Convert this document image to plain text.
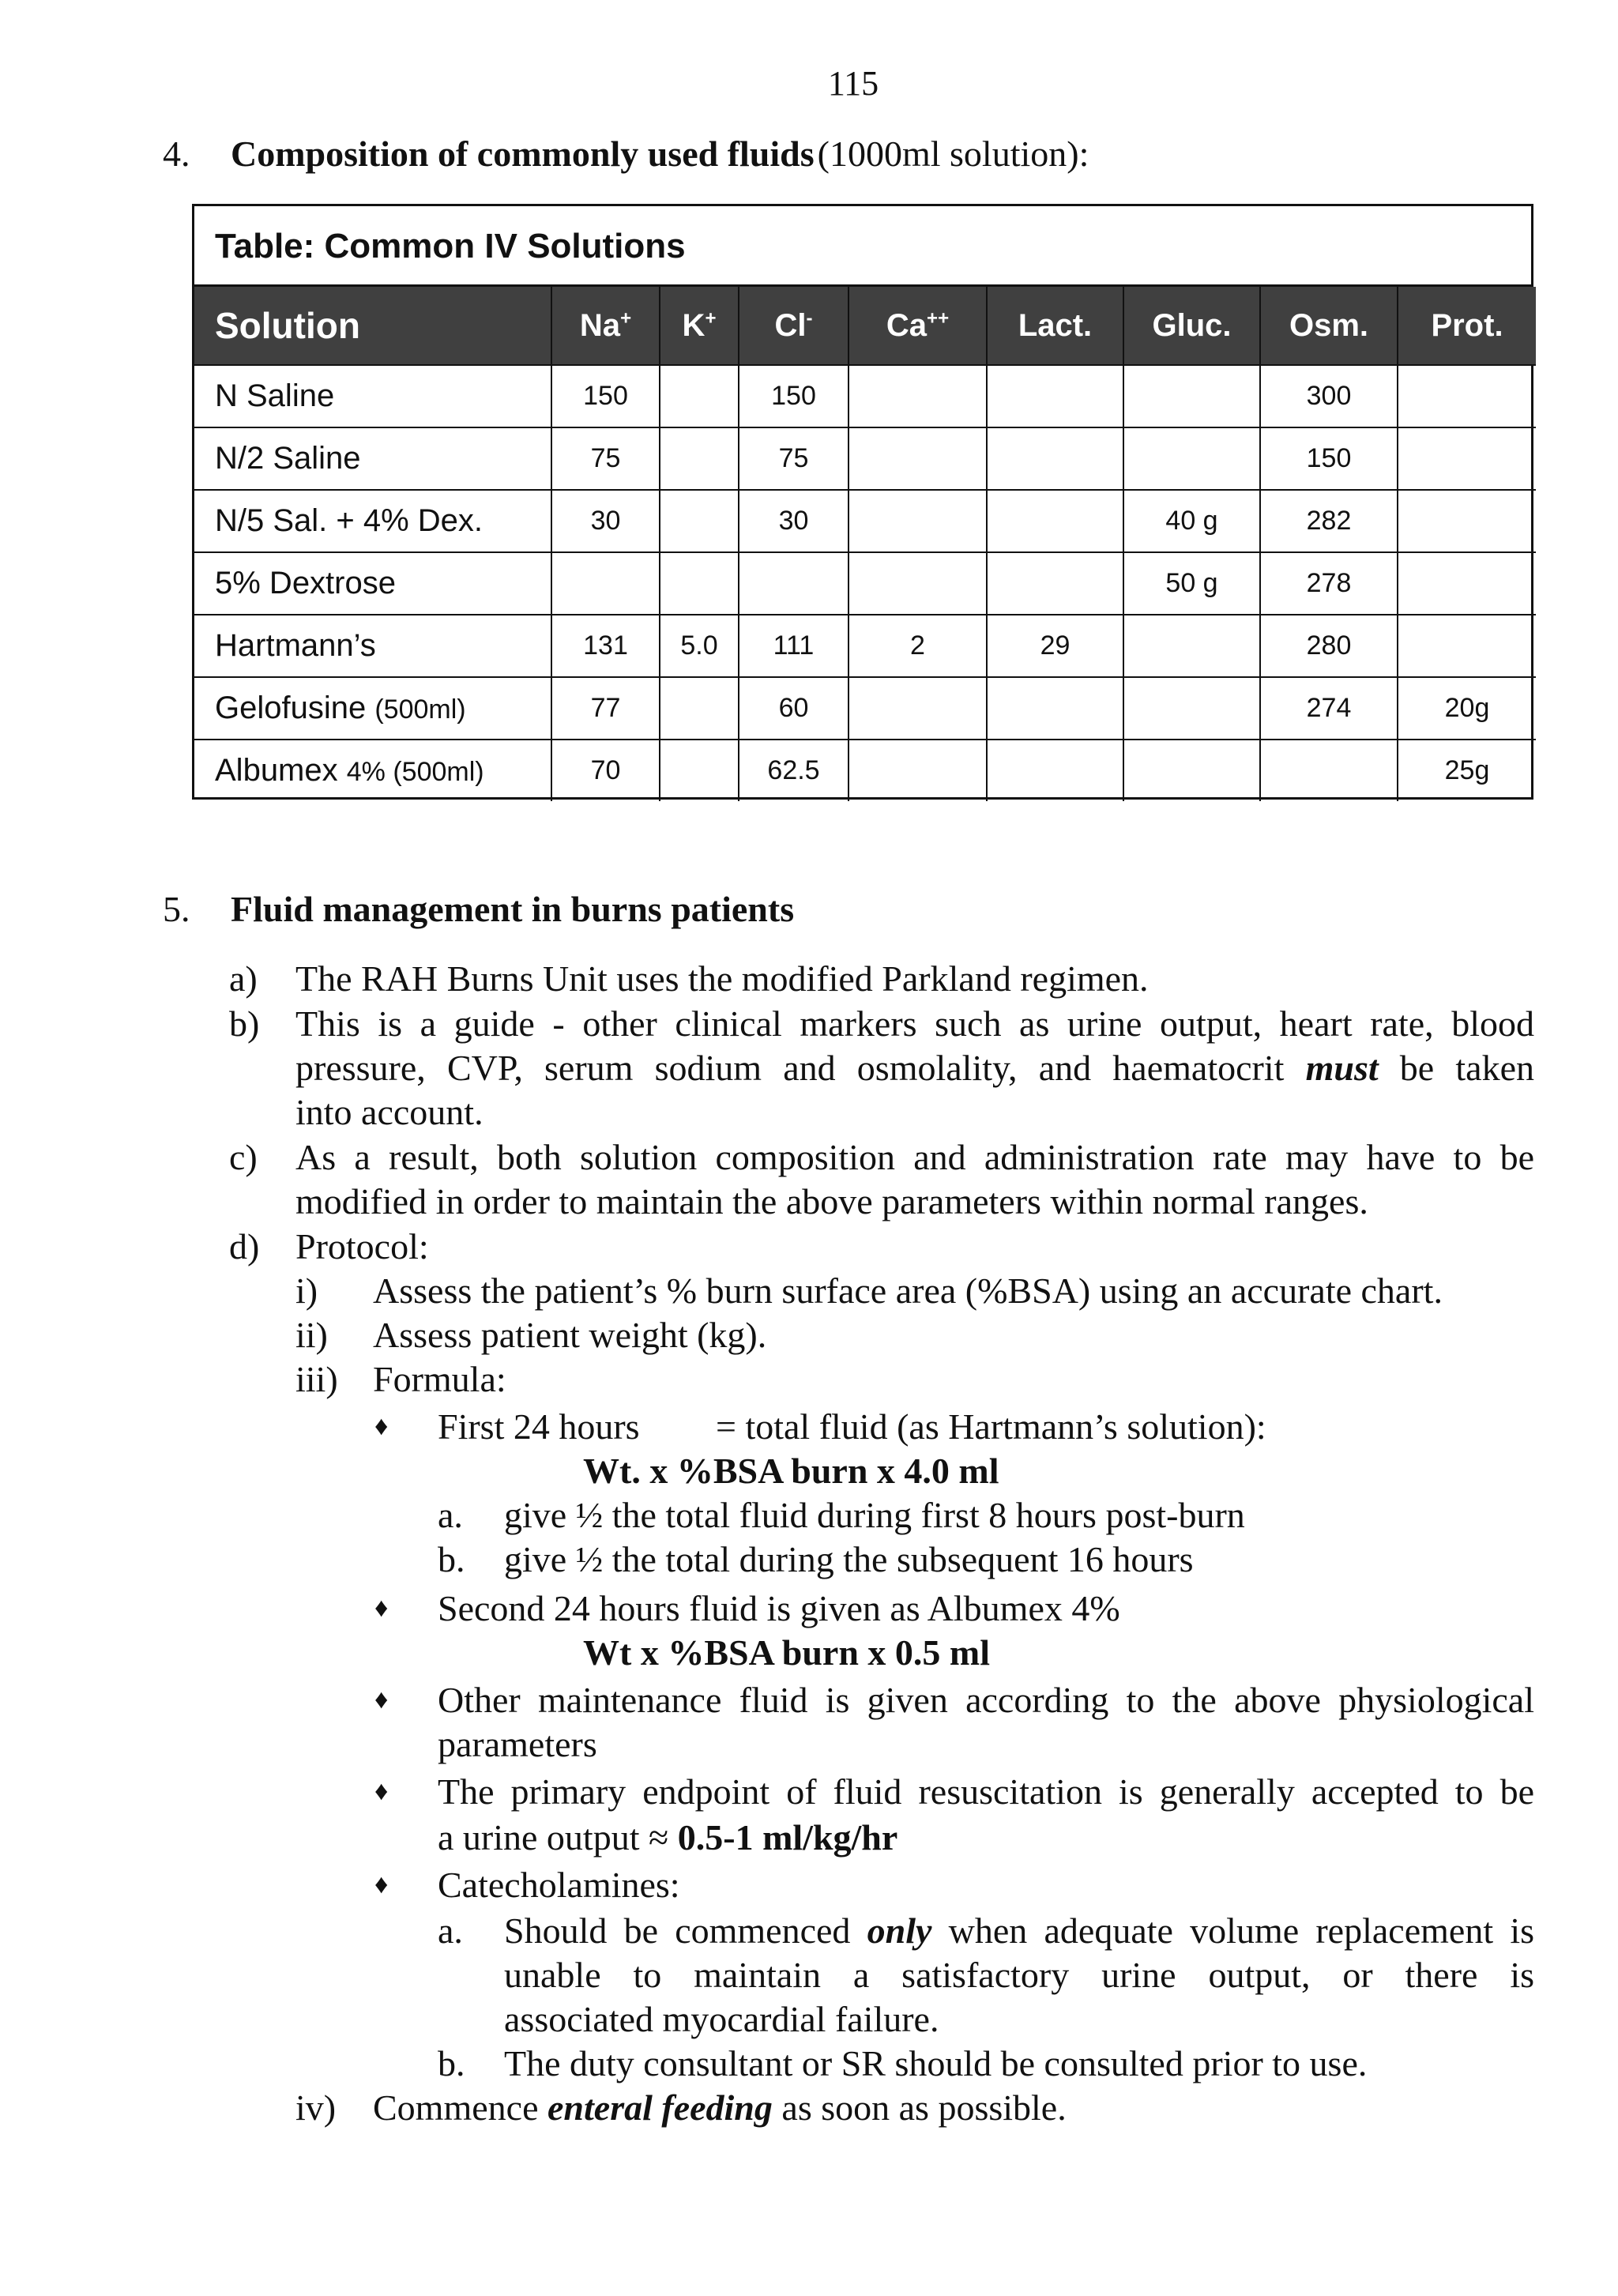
115
4. Composition of commonly used fluids (1000ml solution):
Table: Common IV Solutions
Solution	Na+	K+	Cl-	Ca++	Lact.	Gluc.	Osm.	Prot.
N Saline	150		150				300	
N/2 Saline	75		75				150	
N/5 Sal. + 4% Dex.	30		30			40 g	282	
5% Dextrose						50 g	278	
Hartmann’s	131	5.0	111	2	29		280	
Gelofusine (500ml)	77		60				274	20g
Albumex 4% (500ml)	70		62.5					25g
5. Fluid management in burns patients
a) The RAH Burns Unit uses the modified Parkland regimen.
b) This is a guide - other clinical markers such as urine output, heart rate, blood
pressure, CVP, serum sodium and osmolality, and haematocrit must be taken
into account.
c) As a result, both solution composition and administration rate may have to be
modified in order to maintain the above parameters within normal ranges.
d) Protocol:
i) Assess the patient’s % burn surface area (%BSA) using an accurate chart.
ii) Assess patient weight (kg).
iii) Formula:
♦ First 24 hours = total fluid (as Hartmann’s solution):
Wt. x %BSA burn x 4.0 ml
a. give ½ the total fluid during first 8 hours post-burn
b. give ½ the total during the subsequent 16 hours
♦ Second 24 hours fluid is given as Albumex 4%
Wt x %BSA burn x 0.5 ml
♦ Other maintenance fluid is given according to the above physiological
parameters
♦ The primary endpoint of fluid resuscitation is generally accepted to be
a urine output ≈ 0.5-1 ml/kg/hr
♦ Catecholamines:
a. Should be commenced only when adequate volume replacement is
unable to maintain a satisfactory urine output, or there is
associated myocardial failure.
b. The duty consultant or SR should be consulted prior to use.
iv) Commence enteral feeding as soon as possible.
